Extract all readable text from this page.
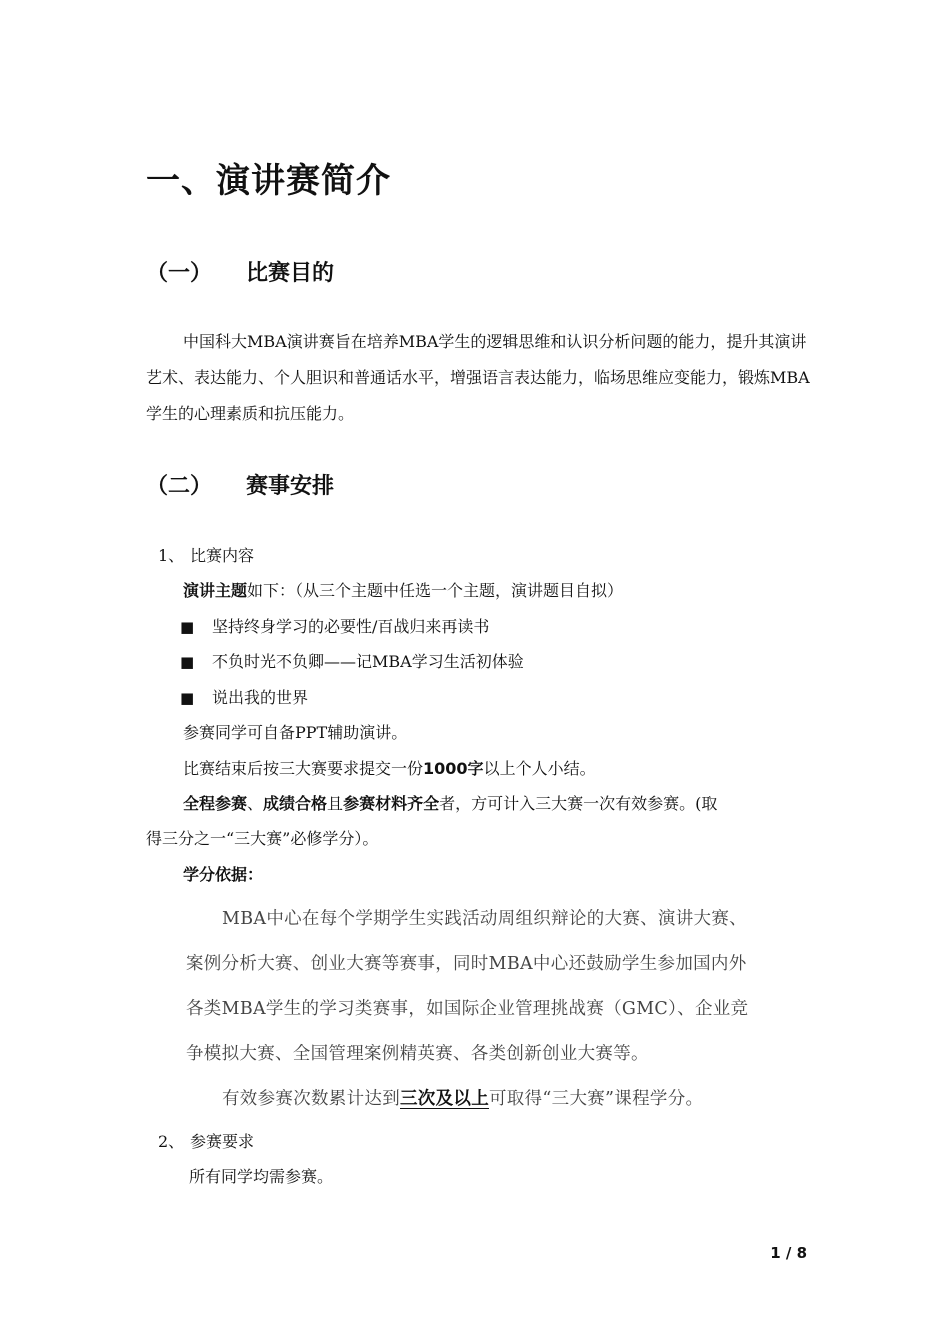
一、演讲赛简介
（一） 比赛目的
中国科大MBA演讲赛旨在培养MBA学生的逻辑思维和认识分析问题的能力，提升其演讲艺术、表达能力、个人胆识和普通话水平，增强语言表达能力，临场思维应变能力，锻炼MBA学生的心理素质和抗压能力。
（二） 赛事安排
1、 比赛内容
演讲主题如下：（从三个主题中任选一个主题，演讲题目自拟）
■ 坚持终身学习的必要性/百战归来再读书
■ 不负时光不负卿——记MBA学习生活初体验
■ 说出我的世界
参赛同学可自备PPT辅助演讲。
比赛结束后按三大赛要求提交一份1000字以上个人小结。
全程参赛、成绩合格且参赛材料齐全者，方可计入三大赛一次有效参赛。(取
得三分之一“三大赛”必修学分）。
学分依据：
MBA中心在每个学期学生实践活动周组织辩论的大赛、演讲大赛、
案例分析大赛、创业大赛等赛事，同时MBA中心还鼓励学生参加国内外
各类MBA学生的学习类赛事，如国际企业管理挑战赛（GMC）、企业竞
争模拟大赛、全国管理案例精英赛、各类创新创业大赛等。
有效参赛次数累计达到三次及以上可取得“三大赛”课程学分。
2、 参赛要求
所有同学均需参赛。
1 / 8
